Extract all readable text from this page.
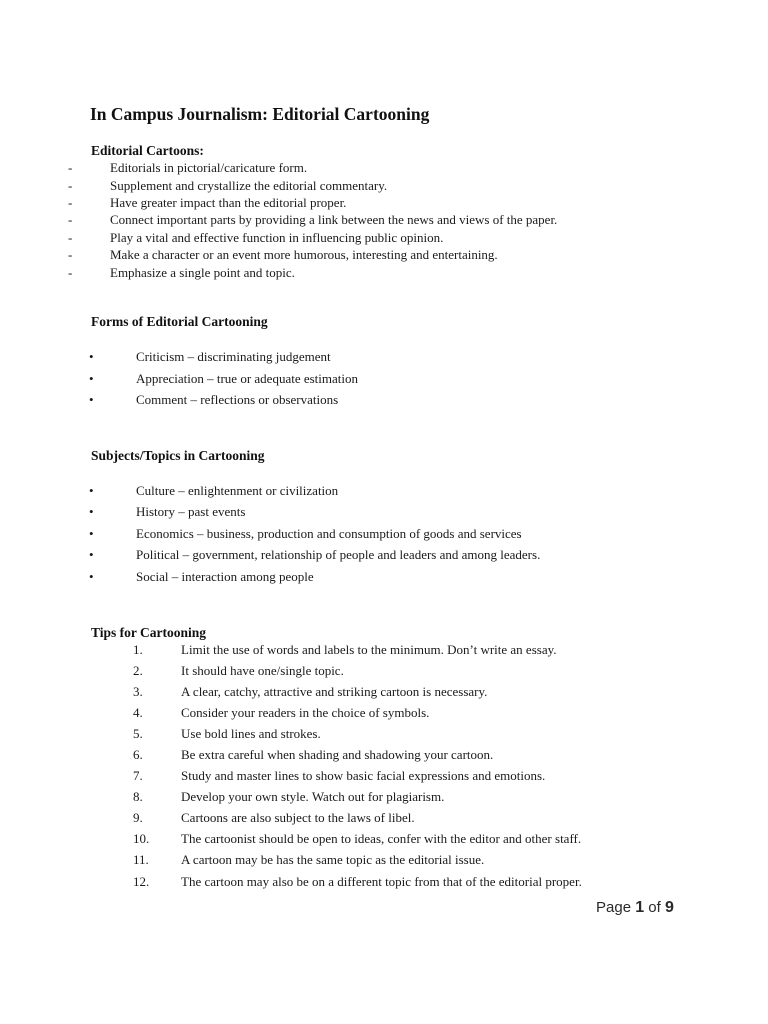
In Campus Journalism: Editorial Cartooning
Editorial Cartoons:
-	Editorials in pictorial/caricature form.
-	Supplement and crystallize the editorial commentary.
-	Have greater impact than the editorial proper.
-	Connect important parts by providing a link between the news and views of the paper.
-	Play a vital and effective function in influencing public opinion.
-	Make a character or an event more humorous, interesting and entertaining.
-	Emphasize a single point and topic.
Forms of Editorial Cartooning
•	Criticism – discriminating judgement
•	Appreciation – true or adequate estimation
•	Comment – reflections or observations
Subjects/Topics in Cartooning
•	Culture – enlightenment or civilization
•	History – past events
•	Economics – business, production and consumption of goods and services
•	Political – government, relationship of people and leaders and among leaders.
•	Social – interaction among people
Tips for Cartooning
1.	Limit the use of words and labels to the minimum. Don’t write an essay.
2.	It should have one/single topic.
3.	A clear, catchy, attractive and striking cartoon is necessary.
4.	Consider your readers in the choice of symbols.
5.	Use bold lines and strokes.
6.	Be extra careful when shading and shadowing your cartoon.
7.	Study and master lines to show basic facial expressions and emotions.
8.	Develop your own style. Watch out for plagiarism.
9.	Cartoons are also subject to the laws of libel.
10.	The cartoonist should be open to ideas, confer with the editor and other staff.
11.	A cartoon may be has the same topic as the editorial issue.
12.	The cartoon may also be on a different topic from that of the editorial proper.
Page 1 of 9
